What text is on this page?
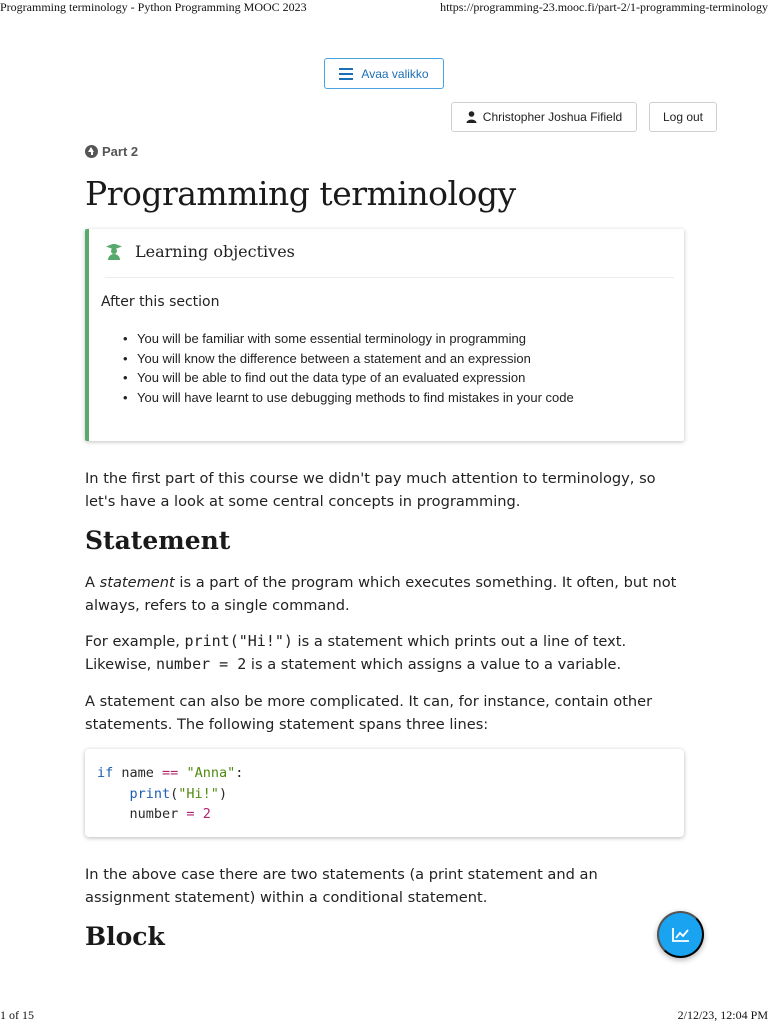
Programming terminology - Python Programming MOOC 2023	https://programming-23.mooc.fi/part-2/1-programming-terminology
Avaa valikko
Christopher Joshua Fifield	Log out
Part 2
Programming terminology
Learning objectives
After this section
• You will be familiar with some essential terminology in programming
• You will know the difference between a statement and an expression
• You will be able to find out the data type of an evaluated expression
• You will have learnt to use debugging methods to find mistakes in your code

In the first part of this course we didn't pay much attention to terminology, so let's have a look at some central concepts in programming.

Statement

A statement is a part of the program which executes something. It often, but not always, refers to a single command.

For example, print("Hi!") is a statement which prints out a line of text. Likewise, number = 2 is a statement which assigns a value to a variable.

A statement can also be more complicated. It can, for instance, contain other statements. The following statement spans three lines:

if name == "Anna":
print("Hi!")
number = 2

In the above case there are two statements (a print statement and an assignment statement) within a conditional statement.

Block
1 of 15	2/12/23, 12:04 PM
